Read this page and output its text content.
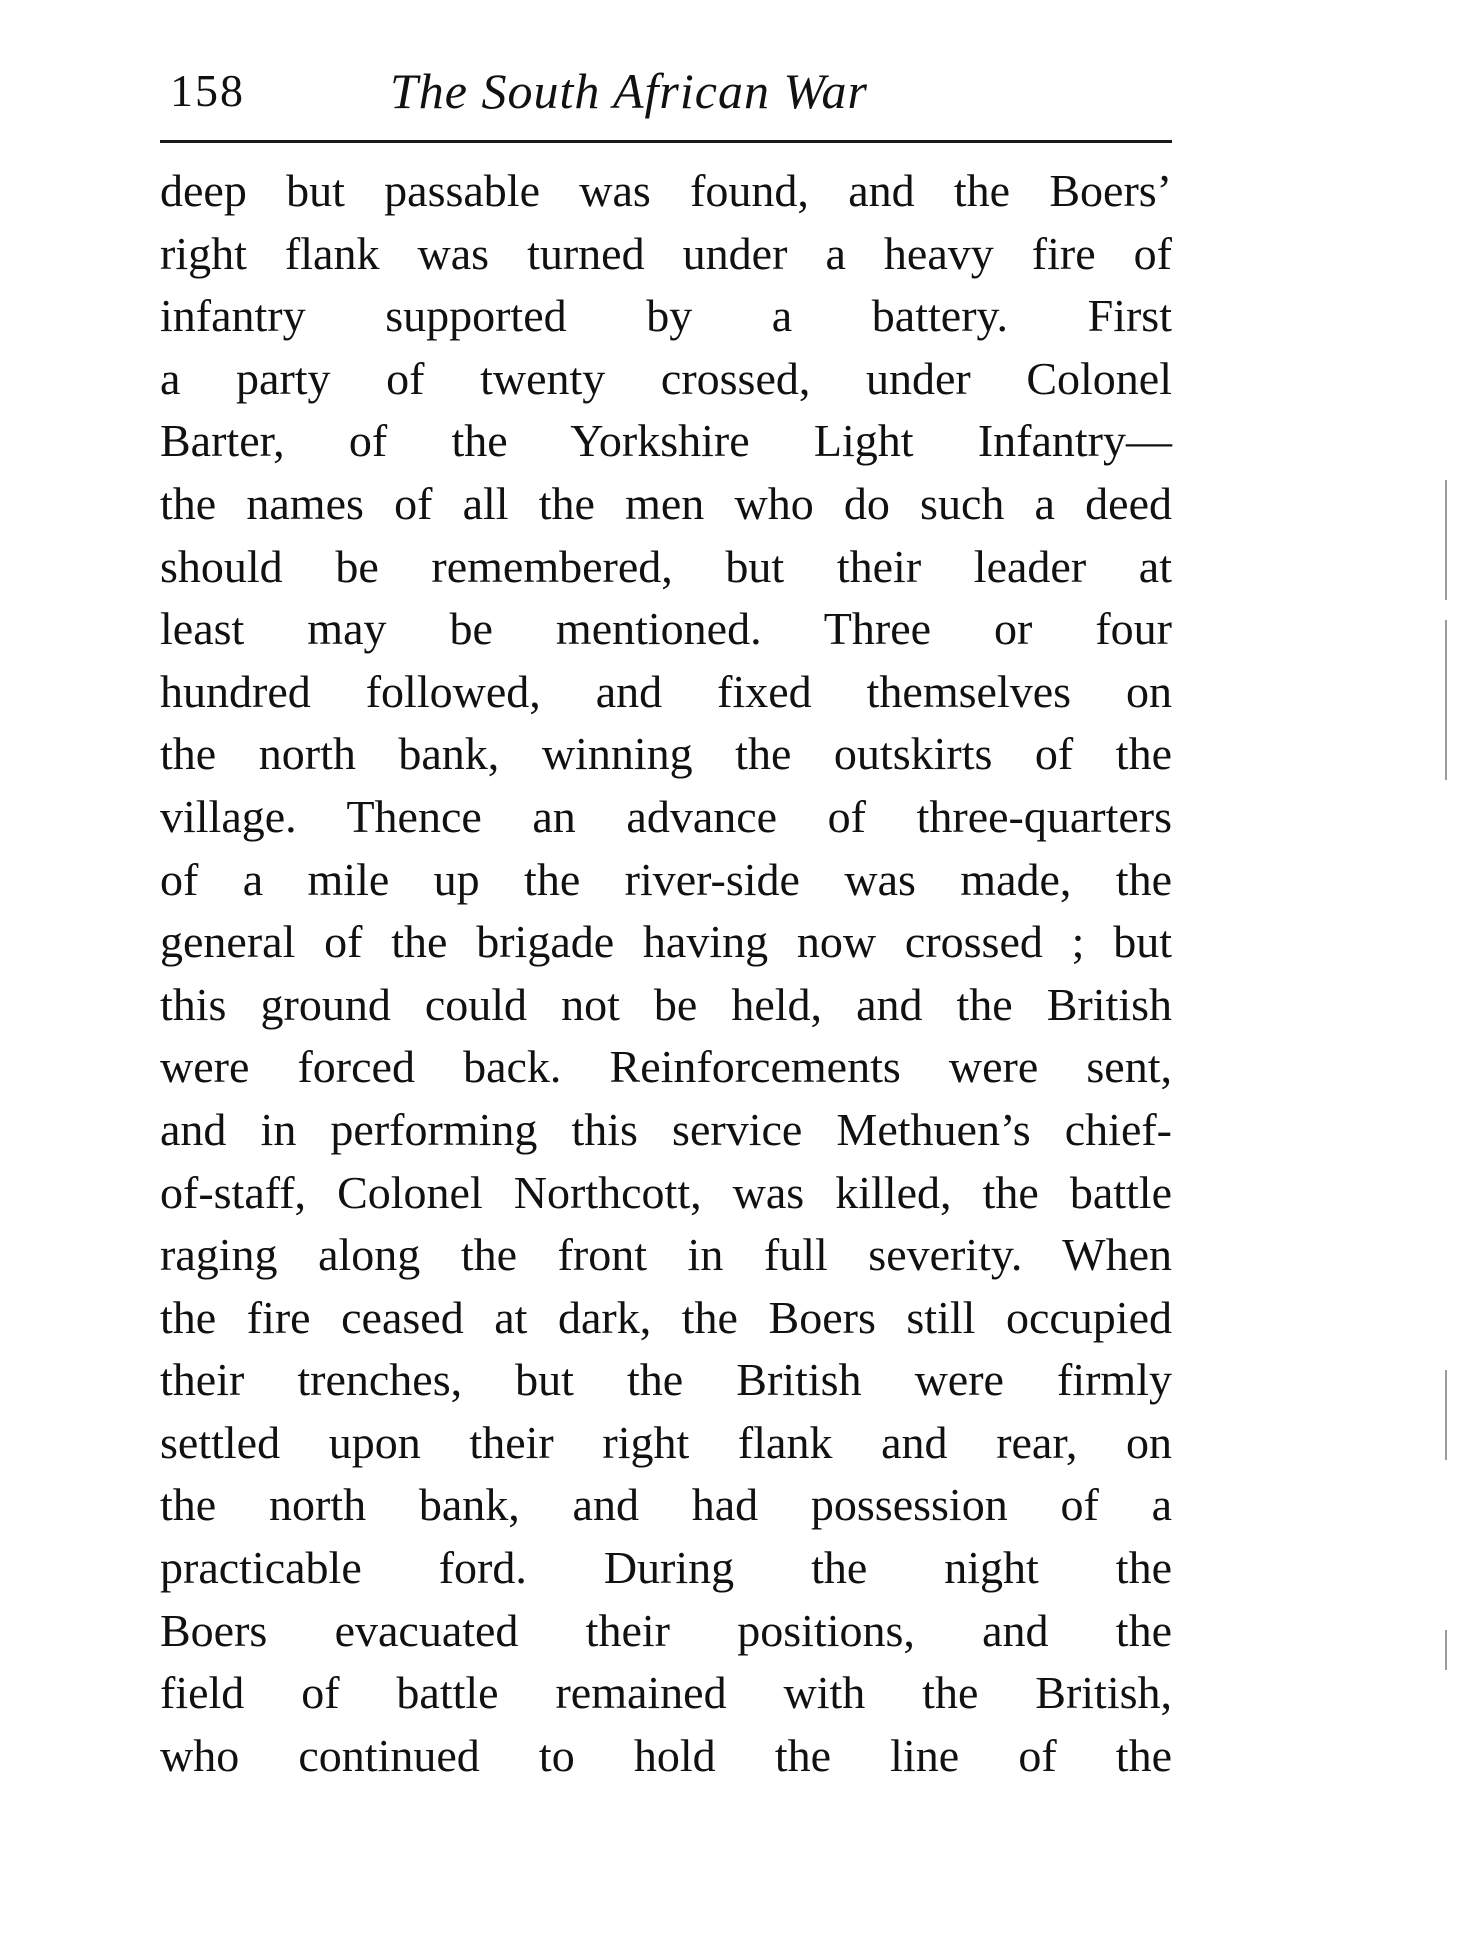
158	The South African War
deep but passable was found, and the Boers’
right flank was turned under a heavy fire of
infantry supported by a battery. First
a party of twenty crossed, under Colonel
Barter, of the Yorkshire Light Infantry—
the names of all the men who do such a deed
should be remembered, but their leader at
least may be mentioned. Three or four
hundred followed, and fixed themselves on
the north bank, winning the outskirts of the
village. Thence an advance of three-quarters
of a mile up the river-side was made, the
general of the brigade having now crossed ; but
this ground could not be held, and the British
were forced back. Reinforcements were sent,
and in performing this service Methuen’s chief-
of-staff, Colonel Northcott, was killed, the battle
raging along the front in full severity. When
the fire ceased at dark, the Boers still occupied
their trenches, but the British were firmly
settled upon their right flank and rear, on
the north bank, and had possession of a
practicable ford. During the night the
Boers evacuated their positions, and the
field of battle remained with the British,
who continued to hold the line of the
